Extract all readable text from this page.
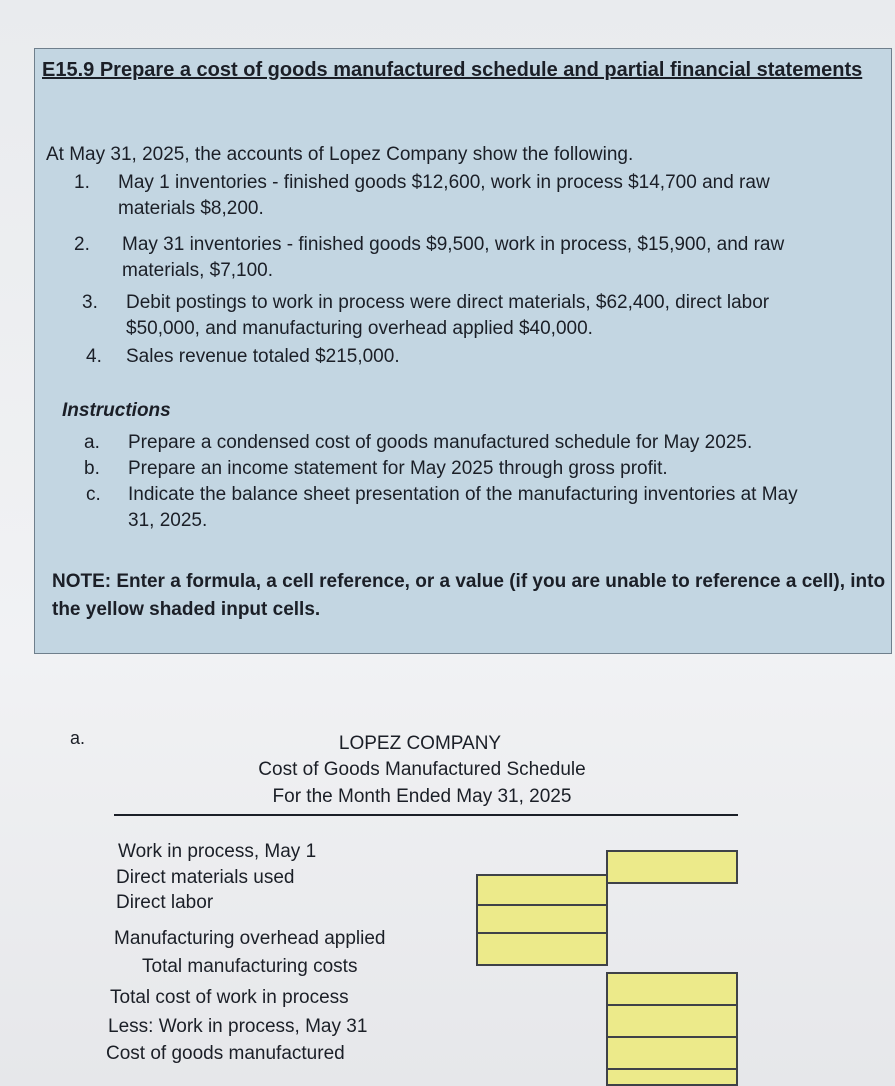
E15.9 Prepare a cost of goods manufactured schedule and partial financial statements
At May 31, 2025, the accounts of Lopez Company show the following.
1. May 1 inventories - finished goods $12,600, work in process $14,700 and raw
materials $8,200.
2. May 31 inventories - finished goods $9,500, work in process, $15,900, and raw
materials, $7,100.
3. Debit postings to work in process were direct materials, $62,400, direct labor
$50,000, and manufacturing overhead applied $40,000.
4. Sales revenue totaled $215,000.
Instructions
a. Prepare a condensed cost of goods manufactured schedule for May 2025.
b. Prepare an income statement for May 2025 through gross profit.
c. Indicate the balance sheet presentation of the manufacturing inventories at May
31, 2025.
NOTE: Enter a formula, a cell reference, or a value (if you are unable to reference a cell), into the yellow shaded input cells.
a.	LOPEZ COMPANY
Cost of Goods Manufactured Schedule
For the Month Ended May 31, 2025
Work in process, May 1
Direct materials used
Direct labor
Manufacturing overhead applied
Total manufacturing costs
Total cost of work in process
Less: Work in process, May 31
Cost of goods manufactured
